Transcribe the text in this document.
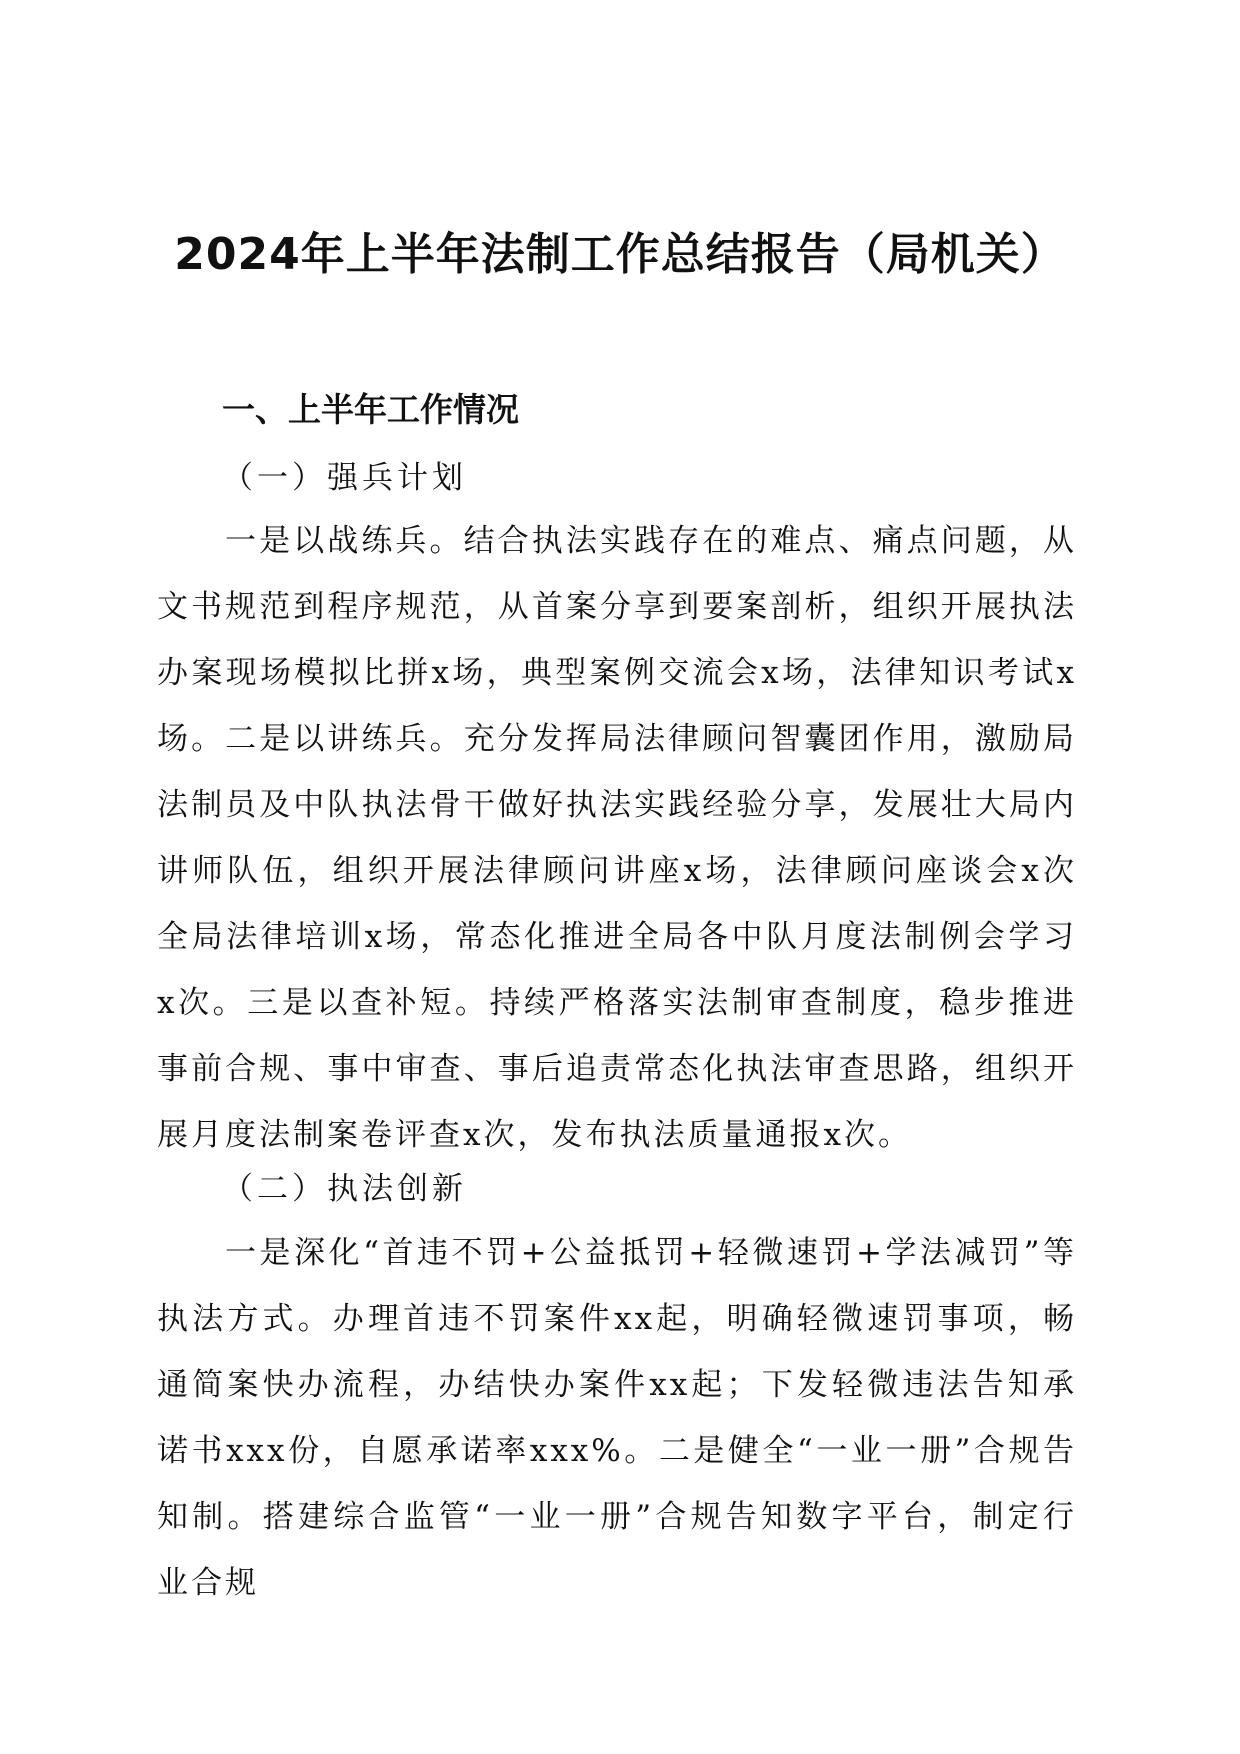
2024年上半年法制工作总结报告（局机关）
一、上半年工作情况
（一）强兵计划

一是以战练兵。结合执法实践存在的难点、痛点问题，从文书规范到程序规范，从首案分享到要案剖析，组织开展执法办案现场模拟比拼x场，典型案例交流会x场，法律知识考试x场。二是以讲练兵。充分发挥局法律顾问智囊团作用，激励局法制员及中队执法骨干做好执法实践经验分享，发展壮大局内讲师队伍，组织开展法律顾问讲座x场，法律顾问座谈会x次全局法律培训x场，常态化推进全局各中队月度法制例会学习x次。三是以查补短。持续严格落实法制审查制度，稳步推进事前合规、事中审查、事后追责常态化执法审查思路，组织开展月度法制案卷评查x次，发布执法质量通报x次。

（二）执法创新

一是深化“首违不罚+公益抵罚+轻微速罚+学法减罚”等执法方式。办理首违不罚案件xx起，明确轻微速罚事项，畅通简案快办流程，办结快办案件xx起；下发轻微违法告知承诺书xxx份，自愿承诺率xxx%。二是健全“一业一册”合规告知制。搭建综合监管“一业一册”合规告知数字平台，制定行业合规
